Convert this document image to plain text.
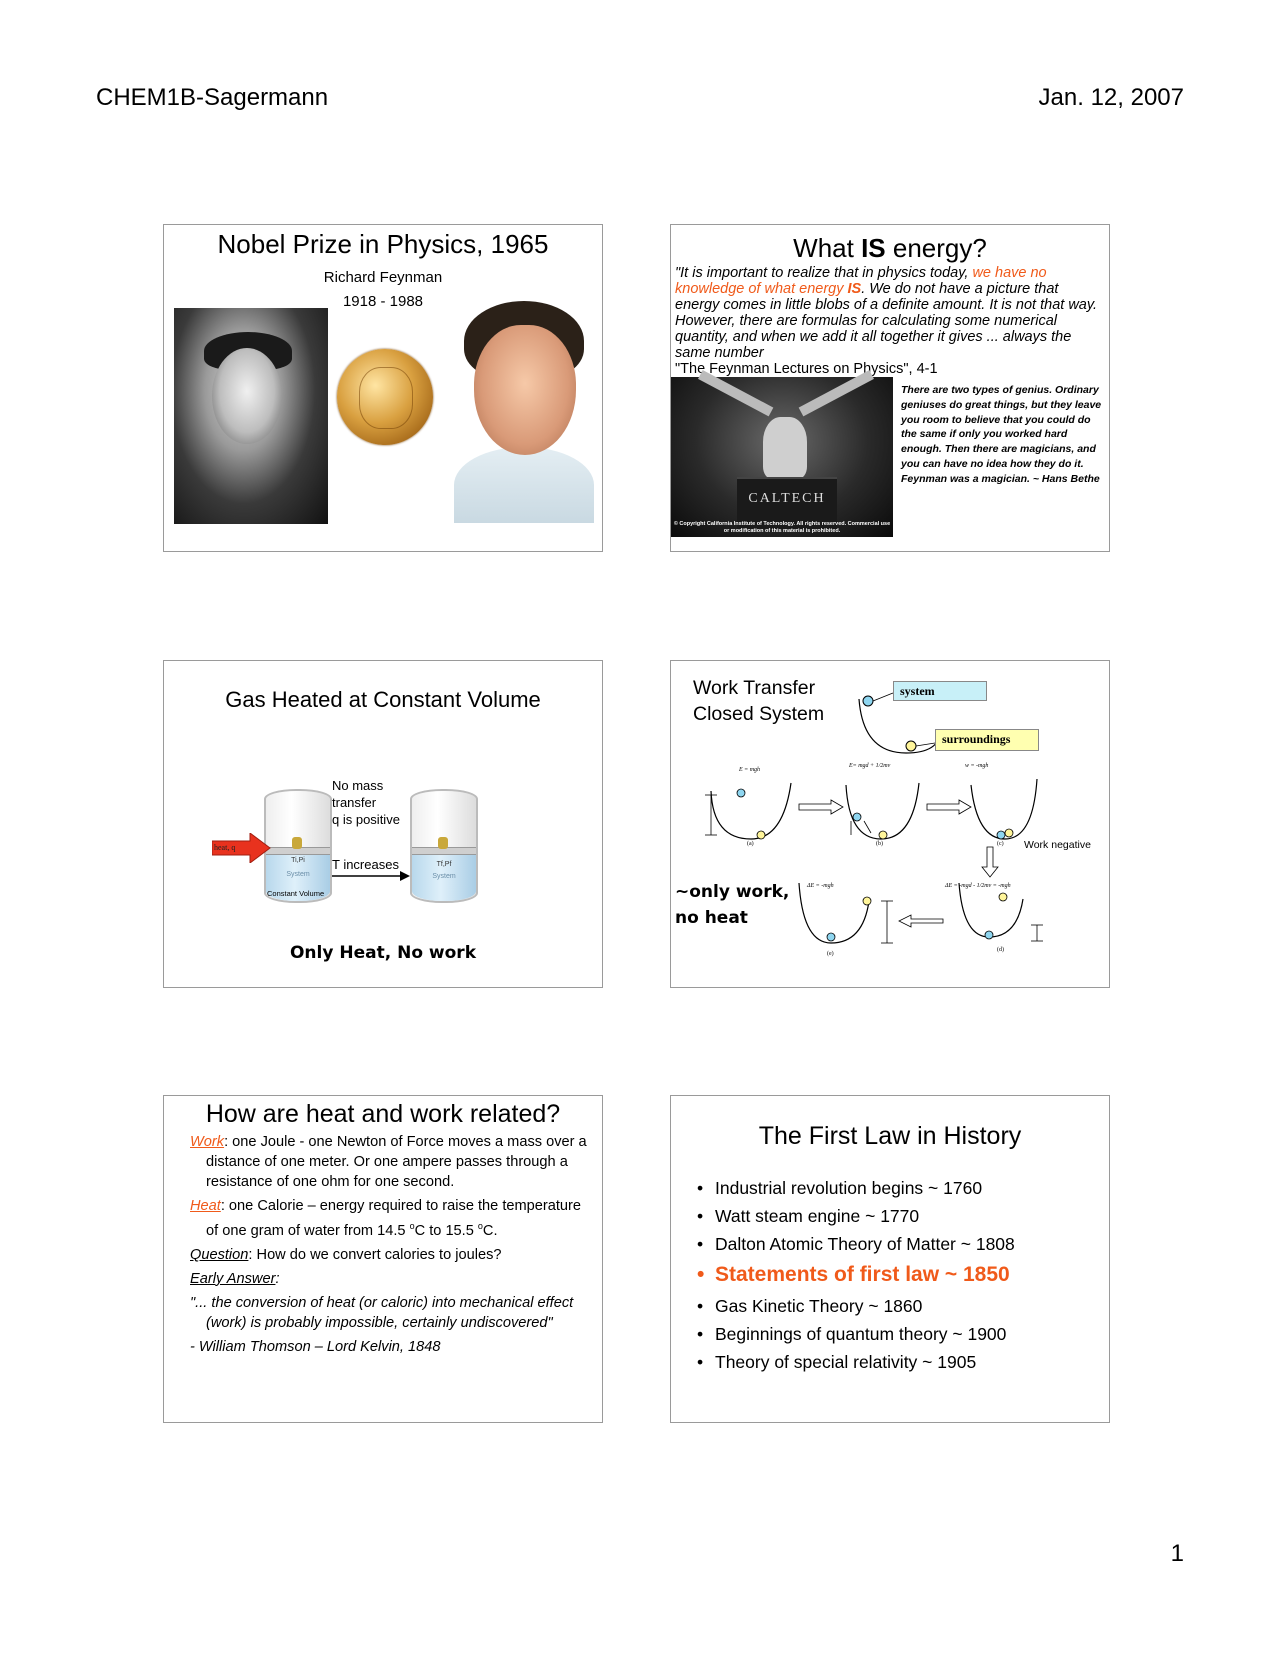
CHEM1B-Sagermann	Jan. 12, 2007
Nobel Prize in Physics, 1965
Richard Feynman
1918 - 1988
What IS energy?
"It is important to realize that in physics today, we have no knowledge of what energy IS. We do not have a picture that energy comes in little blobs of a definite amount. It is not that way. However, there are formulas for calculating some numerical quantity, and when we add it all together it gives ... always the same number
"The Feynman Lectures on Physics", 4-1
CALTECH
© Copyright California Institute of Technology. All rights reserved. Commercial use or modification of this material is prohibited.
There are two types of genius. Ordinary geniuses do great things, but they leave you room to believe that you could do the same if only you worked hard enough. Then there are magicians, and you can have no idea how they do it. Feynman was a magician. ~ Hans Bethe
Gas Heated at Constant Volume
Ti,Pi
System
Tf,Pf
System
heat, q
No mass transfer
q is positive
T increases
Constant Volume
Only Heat, No work
Work Transfer
Closed System
E = mgh
E= mgd + 1/2mv	w = -mgh
ΔE = -mgd - 1/2mv = -mgh
ΔE = -mgh
(a)	(b)	(c)
(d)
(e)
system
surroundings
Work negative
~only work,
no heat
How are heat and work related?

Work: one Joule - one Newton of Force moves a mass over a distance of one meter. Or one ampere passes through a resistance of one ohm for one second.

Heat: one Calorie – energy required to raise the temperature of one gram of water from 14.5 $^o$C to 15.5 $^o$C.

Question: How do we convert calories to joules?

Early Answer:

"... the conversion of heat (or caloric) into mechanical effect (work) is probably impossible, certainly undiscovered"

- William Thomson – Lord Kelvin, 1848

The First Law in History
• Industrial revolution begins ~ 1760
• Watt steam engine ~ 1770
• Dalton Atomic Theory of Matter ~ 1808
• Statements of first law ~ 1850
• Gas Kinetic Theory ~ 1860
• Beginnings of quantum theory ~ 1900
• Theory of special relativity ~ 1905
1
